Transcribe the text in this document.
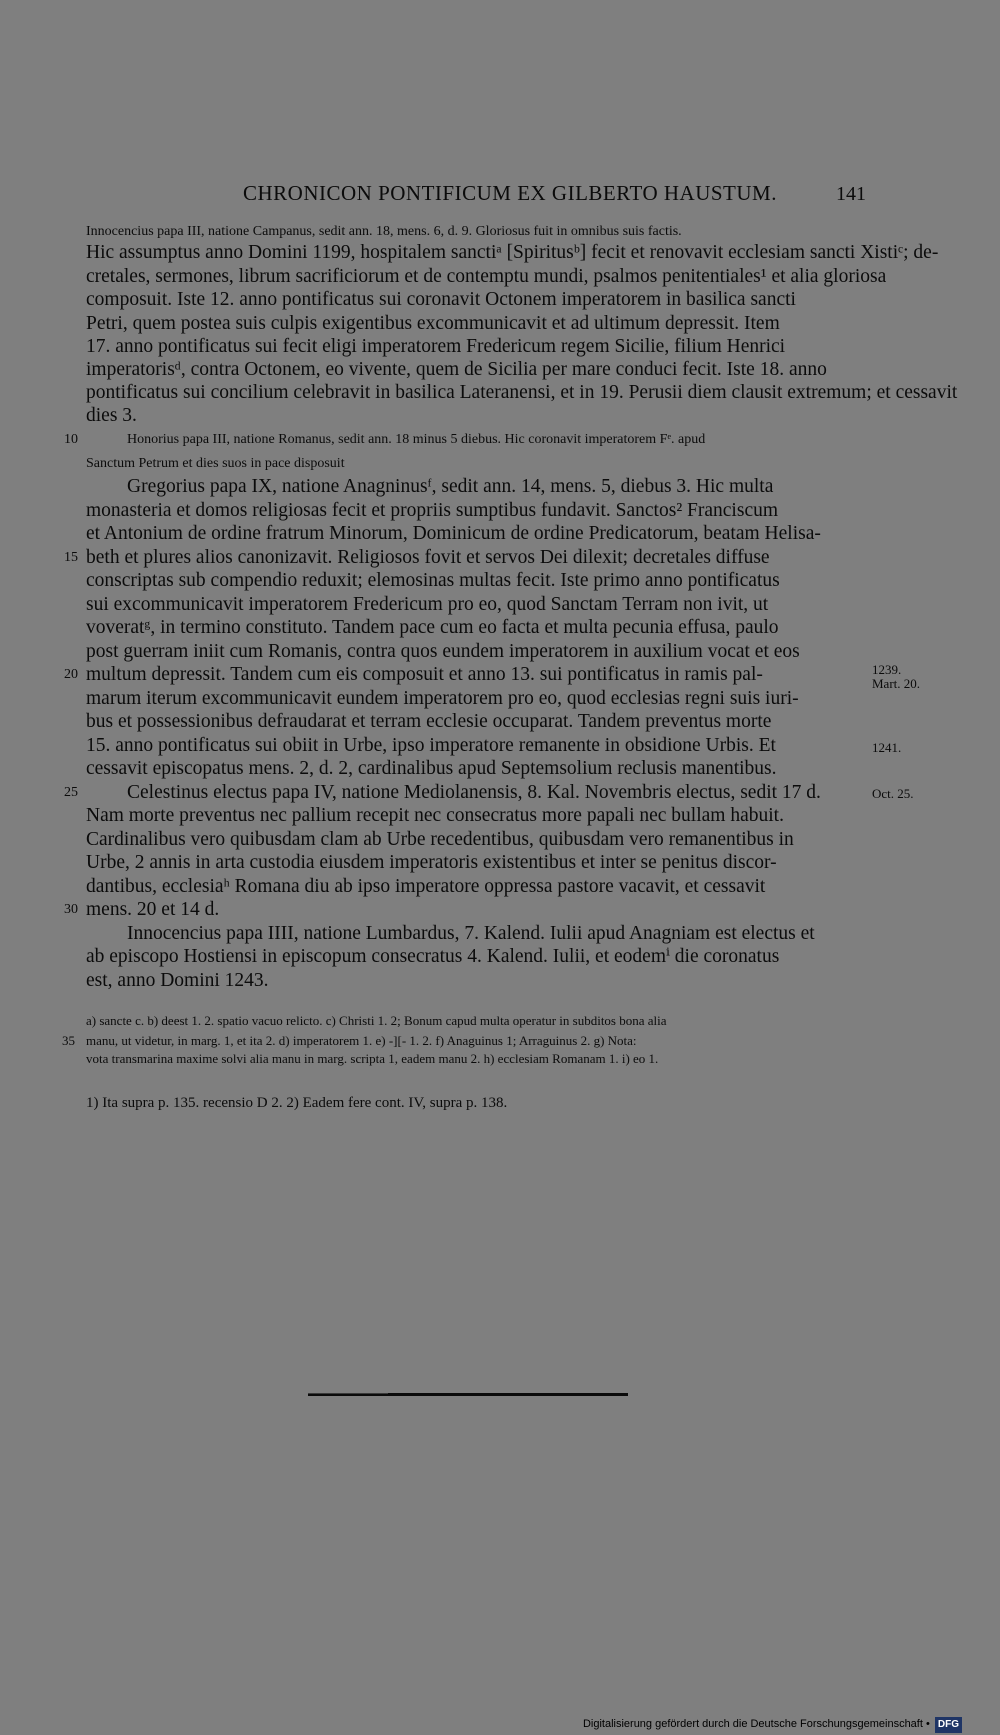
CHRONICON PONTIFICUM EX GILBERTO HAUSTUM.	141
Innocencius papa III, natione Campanus, sedit ann. 18, mens. 6, d. 9. Gloriosus fuit in omnibus suis factis.
Hic assumptus anno Domini 1199, hospitalem sanctiᵃ [Spiritusᵇ] fecit et renovavit ecclesiam sancti Xistiᶜ; de-
cretales, sermones, librum sacrificiorum et de contemptu mundi, psalmos penitentiales¹ et alia gloriosa
composuit. Iste 12. anno pontificatus sui coronavit Octonem imperatorem in basilica sancti
Petri, quem postea suis culpis exigentibus excommunicavit et ad ultimum depressit. Item
17. anno pontificatus sui fecit eligi imperatorem Fredericum regem Sicilie, filium Henrici
imperatorisᵈ, contra Octonem, eo vivente, quem de Sicilia per mare conduci fecit. Iste 18. anno
pontificatus sui concilium celebravit in basilica Lateranensi, et in 19. Perusii diem clausit extremum; et cessavit
dies 3.
10	Honorius papa III, natione Romanus, sedit ann. 18 minus 5 diebus. Hic coronavit imperatorem Fᵉ. apud
Sanctum Petrum et dies suos in pace disposuit
Gregorius papa IX, natione Anagninusᶠ, sedit ann. 14, mens. 5, diebus 3. Hic multa
monasteria et domos religiosas fecit et propriis sumptibus fundavit. Sanctos² Franciscum
et Antonium de ordine fratrum Minorum, Dominicum de ordine Predicatorum, beatam Helisa-
15 beth et plures alios canonizavit. Religiosos fovit et servos Dei dilexit; decretales diffuse
conscriptas sub compendio reduxit; elemosinas multas fecit. Iste primo anno pontificatus
sui excommunicavit imperatorem Fredericum pro eo, quod Sanctam Terram non ivit, ut
voveratᵍ, in termino constituto. Tandem pace cum eo facta et multa pecunia effusa, paulo
post guerram iniit cum Romanis, contra quos eundem imperatorem in auxilium vocat et eos
20 multum depressit. Tandem cum eis composuit et anno 13. sui pontificatus in ramis pal-	1239.
Mart. 20.
marum iterum excommunicavit eundem imperatorem pro eo, quod ecclesias regni suis iuri-
bus et possessionibus defraudarat et terram ecclesie occuparat. Tandem preventus morte
15. anno pontificatus sui obiit in Urbe, ipso imperatore remanente in obsidione Urbis. Et	1241.
cessavit episcopatus mens. 2, d. 2, cardinalibus apud Septemsolium reclusis manentibus.
25	Celestinus electus papa IV, natione Mediolanensis, 8. Kal. Novembris electus, sedit 17 d.	Oct. 25.
Nam morte preventus nec pallium recepit nec consecratus more papali nec bullam habuit.
Cardinalibus vero quibusdam clam ab Urbe recedentibus, quibusdam vero remanentibus in
Urbe, 2 annis in arta custodia eiusdem imperatoris existentibus et inter se penitus discor-
dantibus, ecclesiaʰ Romana diu ab ipso imperatore oppressa pastore vacavit, et cessavit
30 mens. 20 et 14 d.
Innocencius papa IIII, natione Lumbardus, 7. Kalend. Iulii apud Anagniam est electus et
ab episcopo Hostiensi in episcopum consecratus 4. Kalend. Iulii, et eodemⁱ die coronatus
est, anno Domini 1243.
a) sancte c. b) deest 1. 2. spatio vacuo relicto. c) Christi 1. 2; Bonum capud multa operatur in subditos bona alia
35 manu, ut videtur, in marg. 1, et ita 2. d) imperatorem 1. e) -][- 1. 2. f) Anaguinus 1; Arraguinus 2. g) Nota:
vota transmarina maxime solvi alia manu in marg. scripta 1, eadem manu 2. h) ecclesiam Romanam 1. i) eo 1.
1) Ita supra p. 135. recensio D 2. 2) Eadem fere cont. IV, supra p. 138.
Digitalisierung gefördert durch die Deutsche Forschungsgemeinschaft • DFG
